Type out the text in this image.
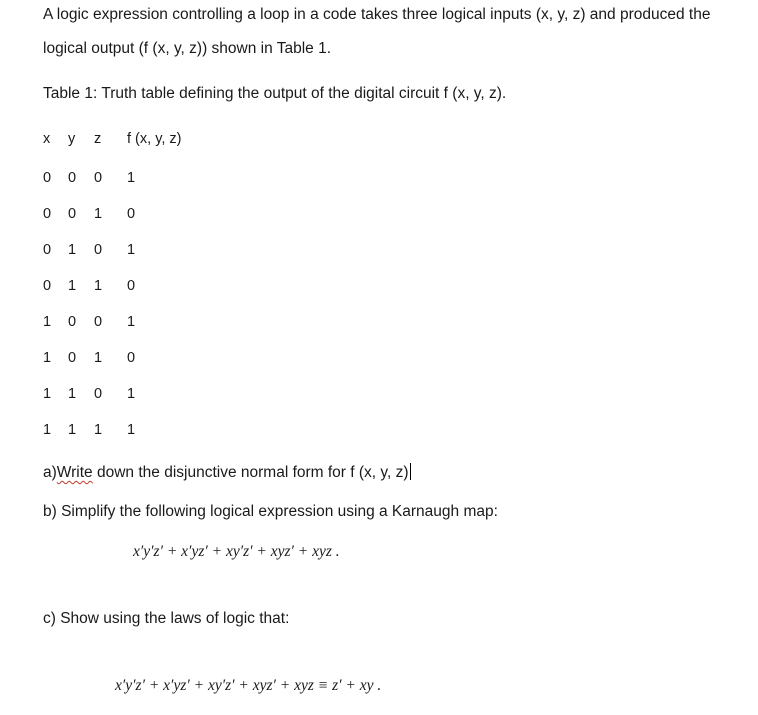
A logic expression controlling a loop in a code takes three logical inputs (x, y, z) and produced the
logical output (f (x, y, z)) shown in Table 1.
Table 1: Truth table defining the output of the digital circuit f (x, y, z).
x y z f (x, y, z)
0 0 0 1
0 0 1 0
0 1 0 1
0 1 1 0
1 0 0 1
1 0 1 0
1 1 0 1
1 1 1 1
a)Write down the disjunctive normal form for f (x, y, z)
b) Simplify the following logical expression using a Karnaugh map:
x′y′z′ + x′yz′ + xy′z′ + xyz′ + xyz .
c) Show using the laws of logic that:
x′y′z′ + x′yz′ + xy′z′ + xyz′ + xyz ≡ z′ + xy .
